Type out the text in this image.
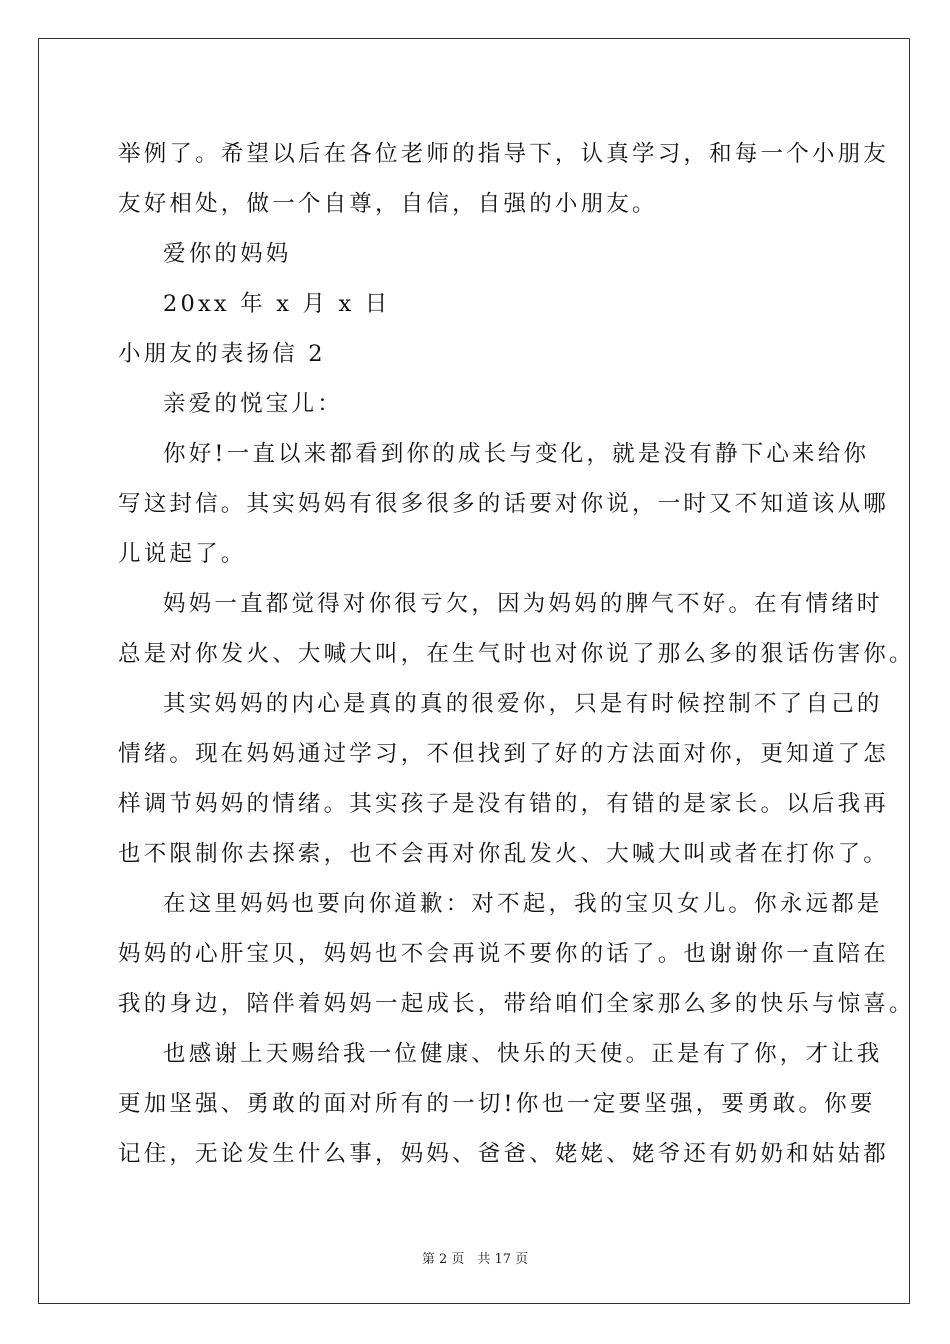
举例了。希望以后在各位老师的指导下，认真学习，和每一个小朋友
友好相处，做一个自尊，自信，自强的小朋友。
爱你的妈妈
20xx 年 x 月 x 日
小朋友的表扬信 2
亲爱的悦宝儿：
你好!一直以来都看到你的成长与变化，就是没有静下心来给你
写这封信。其实妈妈有很多很多的话要对你说，一时又不知道该从哪
儿说起了。
妈妈一直都觉得对你很亏欠，因为妈妈的脾气不好。在有情绪时
总是对你发火、大喊大叫，在生气时也对你说了那么多的狠话伤害你。
其实妈妈的内心是真的真的很爱你，只是有时候控制不了自己的
情绪。现在妈妈通过学习，不但找到了好的方法面对你，更知道了怎
样调节妈妈的情绪。其实孩子是没有错的，有错的是家长。以后我再
也不限制你去探索，也不会再对你乱发火、大喊大叫或者在打你了。
在这里妈妈也要向你道歉：对不起，我的宝贝女儿。你永远都是
妈妈的心肝宝贝，妈妈也不会再说不要你的话了。也谢谢你一直陪在
我的身边，陪伴着妈妈一起成长，带给咱们全家那么多的快乐与惊喜。
也感谢上天赐给我一位健康、快乐的天使。正是有了你，才让我
更加坚强、勇敢的面对所有的一切!你也一定要坚强，要勇敢。你要
记住，无论发生什么事，妈妈、爸爸、姥姥、姥爷还有奶奶和姑姑都
第 2 页　共 17 页
